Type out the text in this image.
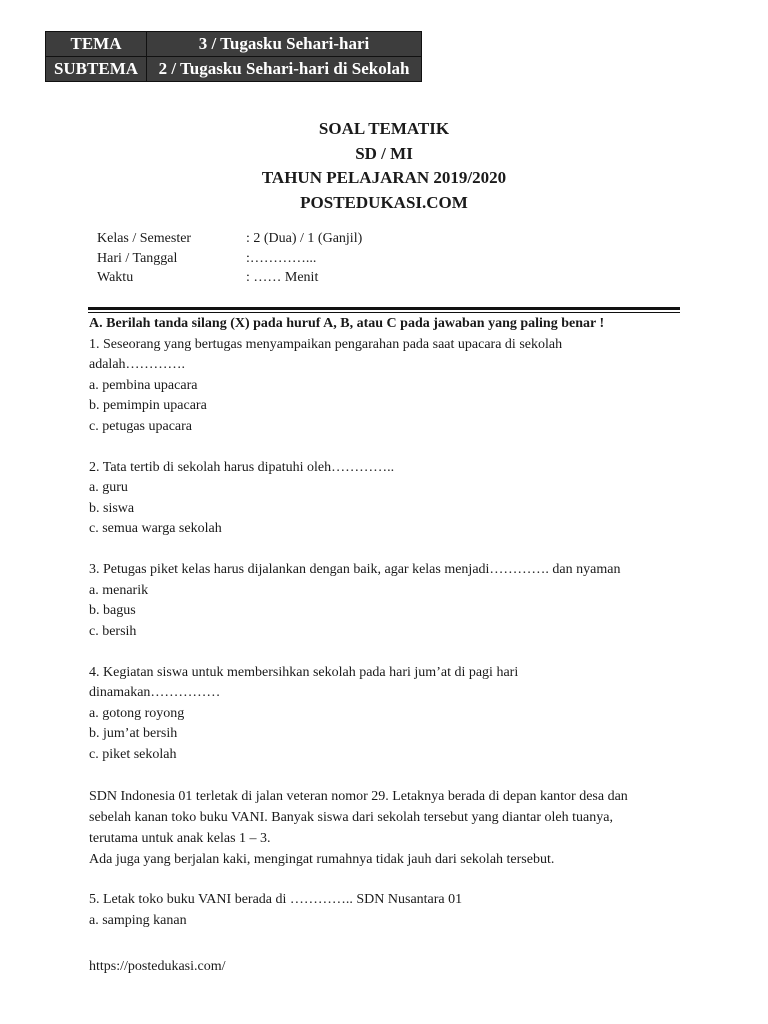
TEMA	3 / Tugasku Sehari-hari
SUBTEMA	2 / Tugasku Sehari-hari di Sekolah
SOAL TEMATIK
SD / MI
TAHUN PELAJARAN 2019/2020
POSTEDUKASI.COM
Kelas / Semester	: 2 (Dua) / 1 (Ganjil)
Hari / Tanggal	:…………...
Waktu	: …… Menit

A. Berilah tanda silang (X) pada huruf A, B, atau C pada jawaban yang paling benar !

1. Seseorang yang bertugas menyampaikan pengarahan pada saat upacara di sekolah

adalah………….

a. pembina upacara

b. pemimpin upacara

c. petugas upacara

2. Tata tertib di sekolah harus dipatuhi oleh…………..

a. guru

b. siswa

c. semua warga sekolah

3. Petugas piket kelas harus dijalankan dengan baik, agar kelas menjadi…………. dan nyaman

a. menarik

b. bagus

c. bersih

4. Kegiatan siswa untuk membersihkan sekolah pada hari jum’at di pagi hari

dinamakan……………

a. gotong royong

b. jum’at bersih

c. piket sekolah

SDN Indonesia 01 terletak di jalan veteran nomor 29. Letaknya berada di depan kantor desa dan

sebelah kanan toko buku VANI. Banyak siswa dari sekolah tersebut yang diantar oleh tuanya,

terutama untuk anak kelas 1 – 3.

Ada juga yang berjalan kaki, mengingat rumahnya tidak jauh dari sekolah tersebut.

5. Letak toko buku VANI berada di ………….. SDN Nusantara 01

a. samping kanan

https://postedukasi.com/
